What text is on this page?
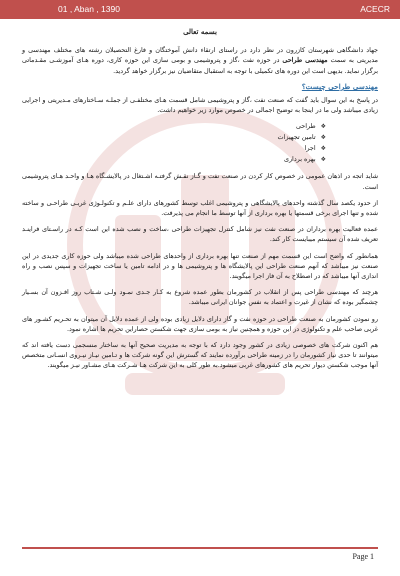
01 , Aban , 1390	ACECR
بسمه تعالی

جهاد دانشگاهی شهرستان کازرون در نظر دارد در راستای ارتقاء دانش آموختگان و فارغ التحصیلان رشته های مختلف مهندسی و مدیریتی به سمت مهندسی طراحی در حوزه نفت ،گاز و پتروشیمی و بومی سازی این حوزه کاری، دوره هـای آموزشـی مقـدماتی برگزار نماید. بدیهی است این دوره های تکمیلی با توجه به استقبال متقاضیان نیز برگزار خواهد گردید.

مهندسی طراحی چیست؟

در پاسخ به این سوال باید گفت که صنعت نفت ،گاز و پتروشیمی شامل قسمت هـای مختلفـی از جملـه سـاختارهای مـدیریتی و اجرایی زیادی میباشد ولی ما در اینجا به توضیح اجمالی در خصوص موارد زیر خواهیم داشت.

❖طراحی
❖تامین تجهیزات
❖اجرا
❖بهره برداری

شاید اتجه در اذهان عمومی در خصوص کار کردن در صنعت نفت و گـاز نقـش گرفتـه اشـتغال در پالایشـگاه هـا و واحـد هـای پتروشیمی است.

از حدود یکصد سال گذشته واحدهای پالایشگاهی و پتروشیمی اغلب توسط کشورهای دارای علـم و تکنولـوژی غربـی طراحـی و ساخته شده و تنها اجرای برخی قسمتها یا بهره برداری از آنها توسط ما انجام می پذیرفت.

عمده فعالیت بهره برداران در صنعت نفت نیز شامل کنترل تجهیزات طراحی ،ساخت و نصب شده این است کـه در راسـتای فراینـد تعریف شده آن سیستم میبایست کار کند.

همانطور که واضح است این قسمت مهم از صنعت تنها بهره برداری از واحدهای طراحی شده میباشد ولی حوزه کاری جدیدی در این صنعت نیز میباشد که آنهم صنعت طراحی این پالایشگاه ها و پتروشیمی ها و در ادامه تامین یا ساخت تجهیزات و سپس نصب و راه اندازی آنها میباشد که در اصطلاح به آن فاز اجرا میگویند.

هرچند که مهندسی طراحی پس از انقلاب در کشورمان بطور عمده شروع به کـار جـدی نمـود ولـی شـتاب روز افـزون آن بسـیار چشمگیر بوده که نشان از غیرت و اعتماد به نفس جوانان ایرانی میباشد.

رو نمودن کشورمان به صنعت طراحی در حوزه نفت و گاز دارای دلایل زیادی بوده ولی از عمده دلایل آن میتوان به تحـریم کشـور های غربی صاحب علم و تکنولوژی در این حوزه و همچنین نیاز به بومی سازی جهت شکستن حصاراین تحریم ها اشاره نمود.

هم اکنون شرکت های خصوصی زیادی در کشور وجود دارد که با توجه به مدیریت صحیح آنها به ساختار منسجمی دست یافته اند که میتوانند تا حدی نیاز کشورمان را در زمینه طراحی برآورده نمایند که گسترش این گونه شرکت ها و تـامین نیـاز نیـروی انسـانی متخصص آنها موجب شکستن دیوار تحریم های کشورهای غربی میشود.به طور کلی به این شرکت هـا شـرکت هـای مشـاور نیـز میگویند.

Page 1
